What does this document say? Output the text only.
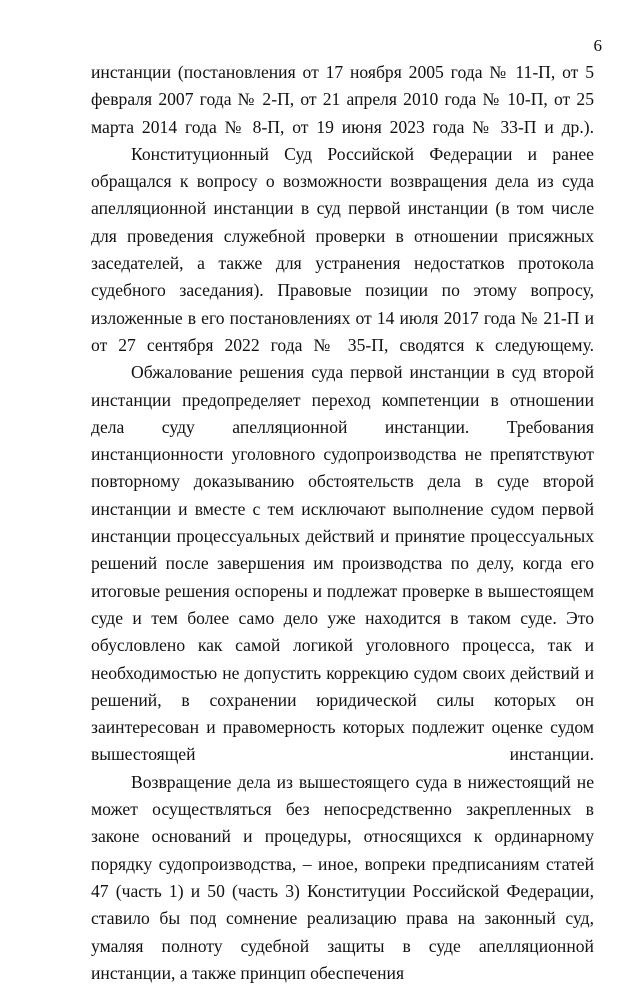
6

инстанции (постановления от 17 ноября 2005 года № 11-П, от 5 февраля 2007 года № 2-П, от 21 апреля 2010 года № 10-П, от 25 марта 2014 года № 8-П, от 19 июня 2023 года № 33-П и др.).

Конституционный Суд Российской Федерации и ранее обращался к вопросу о возможности возвращения дела из суда апелляционной инстанции в суд первой инстанции (в том числе для проведения служебной проверки в отношении присяжных заседателей, а также для устранения недостатков протокола судебного заседания). Правовые позиции по этому вопросу, изложенные в его постановлениях от 14 июля 2017 года № 21-П и от 27 сентября 2022 года № 35-П, сводятся к следующему.

Обжалование решения суда первой инстанции в суд второй инстанции предопределяет переход компетенции в отношении дела суду апелляционной инстанции. Требования инстанционности уголовного судопроизводства не препятствуют повторному доказыванию обстоятельств дела в суде второй инстанции и вместе с тем исключают выполнение судом первой инстанции процессуальных действий и принятие процессуальных решений после завершения им производства по делу, когда его итоговые решения оспорены и подлежат проверке в вышестоящем суде и тем более само дело уже находится в таком суде. Это обусловлено как самой логикой уголовного процесса, так и необходимостью не допустить коррекцию судом своих действий и решений, в сохранении юридической силы которых он заинтересован и правомерность которых подлежит оценке судом вышестоящей инстанции.

Возвращение дела из вышестоящего суда в нижестоящий не может осуществляться без непосредственно закрепленных в законе оснований и процедуры, относящихся к ординарному порядку судопроизводства, – иное, вопреки предписаниям статей 47 (часть 1) и 50 (часть 3) Конституции Российской Федерации, ставило бы под сомнение реализацию права на законный суд, умаляя полноту судебной защиты в суде апелляционной инстанции, а также принцип обеспечения
